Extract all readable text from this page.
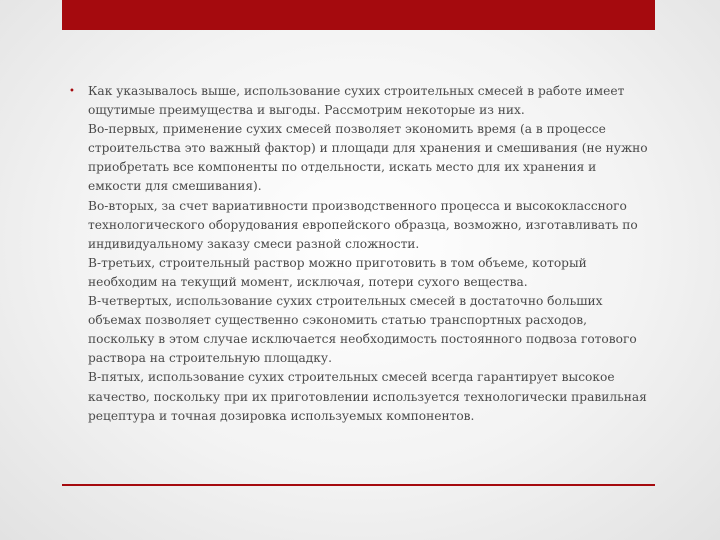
•	Как указывалось выше, использование сухих строительных смесей в работе имеет ощутимые преимущества и выгоды. Рассмотрим некоторые из них.

Во-первых, применение сухих смесей позволяет экономить время (а в процессе строительства это важный фактор) и площади для хранения и смешивания (не нужно приобретать все компоненты по отдельности, искать место для их хранения и емкости для смешивания).

Во-вторых, за счет вариативности производственного процесса и высококлассного технологического оборудования европейского образца, возможно, изготавливать по индивидуальному заказу смеси разной сложности.

В-третьих, строительный раствор можно приготовить в том объеме, который необходим на текущий момент, исключая, потери сухого вещества.

В-четвертых, использование сухих строительных смесей в достаточно больших объемах позволяет существенно сэкономить статью транспортных расходов, поскольку в этом случае исключается необходимость постоянного подвоза готового раствора на строительную площадку.

В-пятых, использование сухих строительных смесей всегда гарантирует высокое качество, поскольку при их приготовлении используется технологически правильная рецептура и точная дозировка используемых компонентов.
